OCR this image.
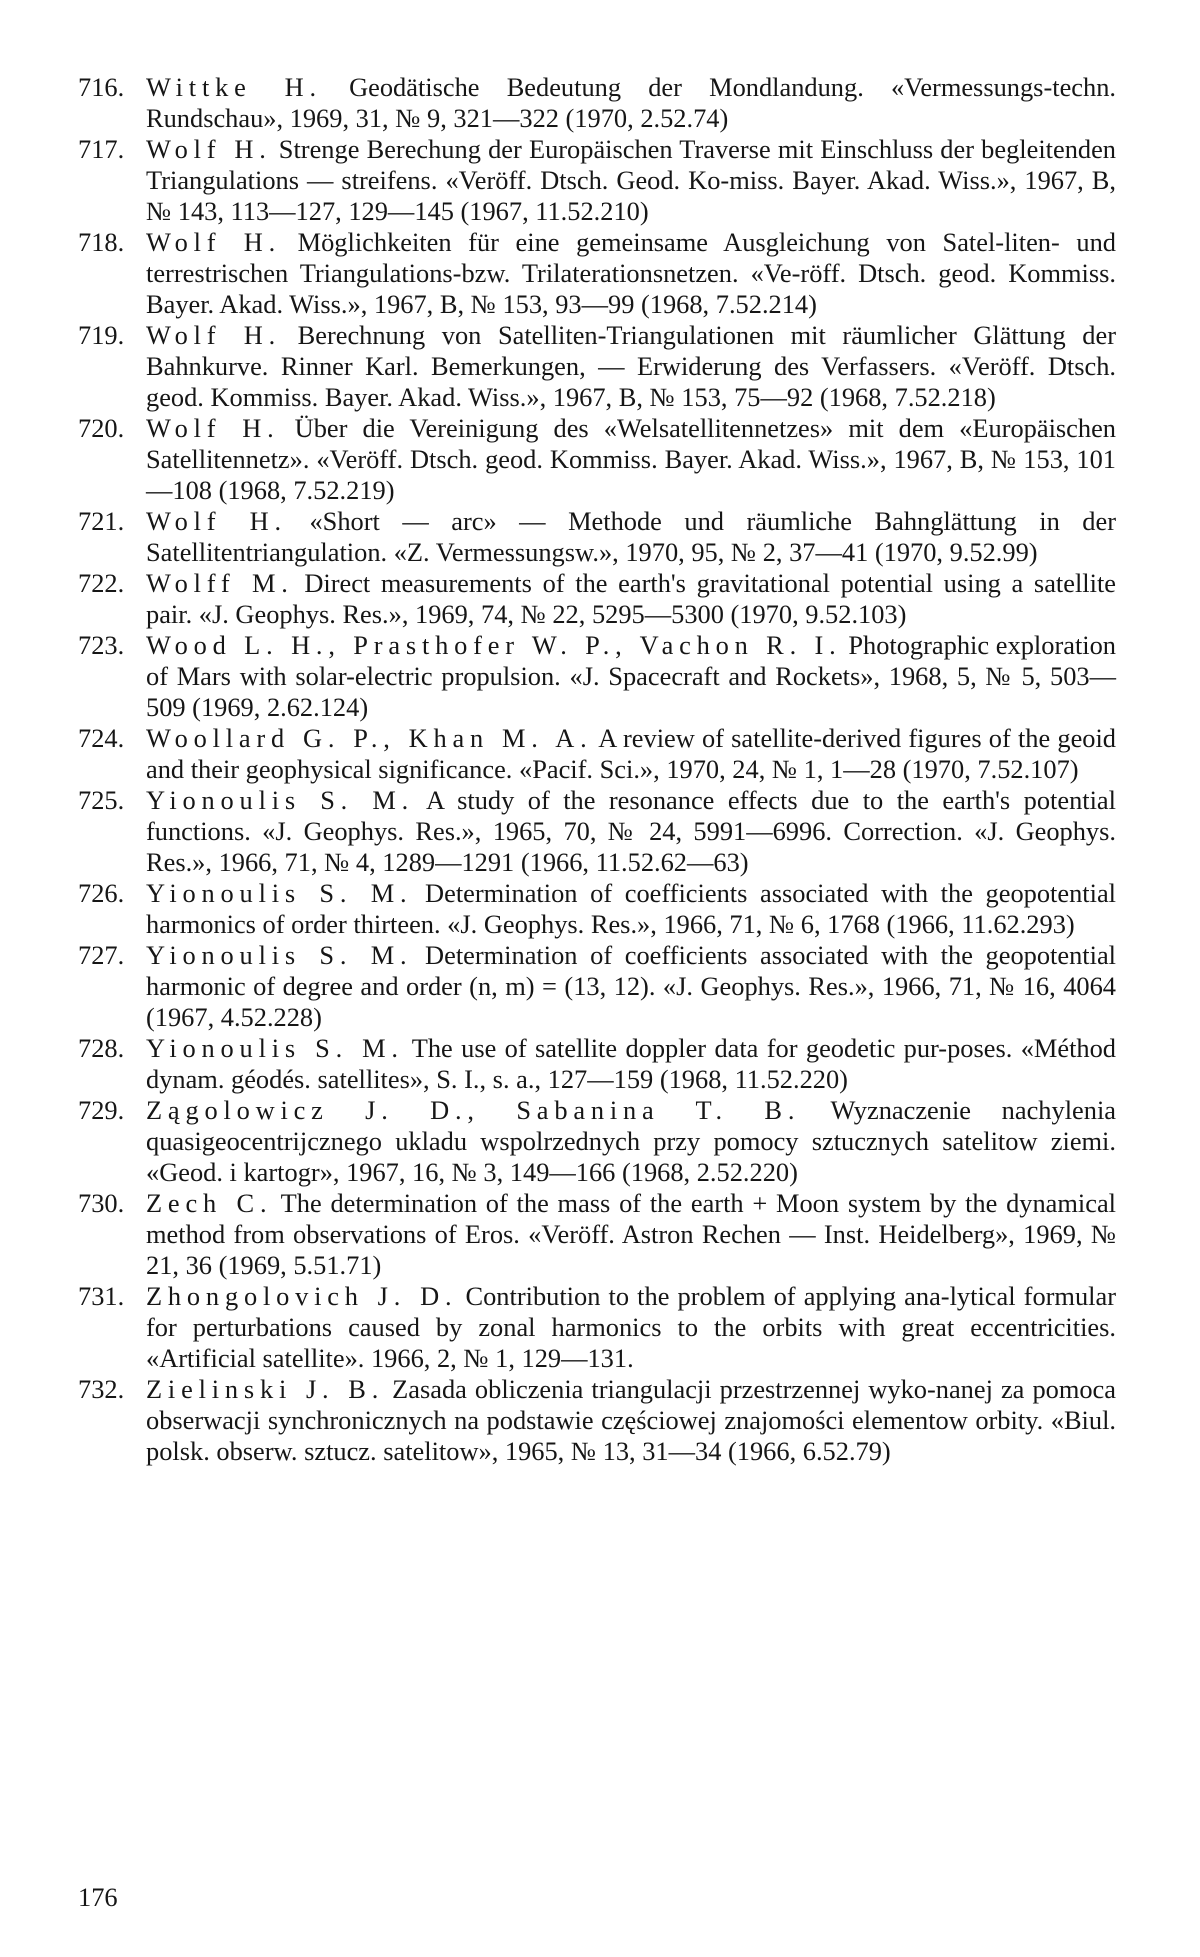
716. Wittke H. Geodätische Bedeutung der Mondlandung. «Vermessungs-techn. Rundschau», 1969, 31, № 9, 321—322 (1970, 2.52.74)

717. Wolf H. Strenge Berechung der Europäischen Traverse mit Einschluss der begleitenden Triangulations — streifens. «Veröff. Dtsch. Geod. Ko-miss. Bayer. Akad. Wiss.», 1967, B, № 143, 113—127, 129—145 (1967, 11.52.210)

718. Wolf H. Möglichkeiten für eine gemeinsame Ausgleichung von Satel-liten- und terrestrischen Triangulations-bzw. Trilaterationsnetzen. «Ve-röff. Dtsch. geod. Kommiss. Bayer. Akad. Wiss.», 1967, B, № 153, 93—99 (1968, 7.52.214)

719. Wolf H. Berechnung von Satelliten-Triangulationen mit räumlicher Glättung der Bahnkurve. Rinner Karl. Bemerkungen, — Erwiderung des Verfassers. «Veröff. Dtsch. geod. Kommiss. Bayer. Akad. Wiss.», 1967, B, № 153, 75—92 (1968, 7.52.218)

720. Wolf H. Über die Vereinigung des «Welsatellitennetzes» mit dem «Europäischen Satellitennetz». «Veröff. Dtsch. geod. Kommiss. Bayer. Akad. Wiss.», 1967, B, № 153, 101—108 (1968, 7.52.219)

721. Wolf H. «Short — arc» — Methode und räumliche Bahnglättung in der Satellitentriangulation. «Z. Vermessungsw.», 1970, 95, № 2, 37—41 (1970, 9.52.99)

722. Wolff M. Direct measurements of the earth's gravitational potential using a satellite pair. «J. Geophys. Res.», 1969, 74, № 22, 5295—5300 (1970, 9.52.103)

723. Wood L. H., Prasthofer W. P., Vachon R. I. Photographic exploration of Mars with solar-electric propulsion. «J. Spacecraft and Rockets», 1968, 5, № 5, 503—509 (1969, 2.62.124)

724. Woollard G. P., Khan M. A. A review of satellite-derived figures of the geoid and their geophysical significance. «Pacif. Sci.», 1970, 24, № 1, 1—28 (1970, 7.52.107)

725. Yionoulis S. M. A study of the resonance effects due to the earth's potential functions. «J. Geophys. Res.», 1965, 70, № 24, 5991—6996. Correction. «J. Geophys. Res.», 1966, 71, № 4, 1289—1291 (1966, 11.52.62—63)

726. Yionoulis S. M. Determination of coefficients associated with the geopotential harmonics of order thirteen. «J. Geophys. Res.», 1966, 71, № 6, 1768 (1966, 11.62.293)

727. Yionoulis S. M. Determination of coefficients associated with the geopotential harmonic of degree and order (n, m) = (13, 12). «J. Geophys. Res.», 1966, 71, № 16, 4064 (1967, 4.52.228)

728. Yionoulis S. M. The use of satellite doppler data for geodetic pur-poses. «Méthod dynam. géodés. satellites», S. I., s. a., 127—159 (1968, 11.52.220)

729. Zągolowicz J. D., Sabanina T. B. Wyznaczenie nachylenia quasigeocentrijcznego ukladu wspolrzednych przy pomocy sztucznych satelitow ziemi. «Geod. i kartogr», 1967, 16, № 3, 149—166 (1968, 2.52.220)

730. Zech C. The determination of the mass of the earth + Moon system by the dynamical method from observations of Eros. «Veröff. Astron Rechen — Inst. Heidelberg», 1969, № 21, 36 (1969, 5.51.71)

731. Zhongolovich J. D. Contribution to the problem of applying ana-lytical formular for perturbations caused by zonal harmonics to the orbits with great eccentricities. «Artificial satellite». 1966, 2, № 1, 129—131.

732. Zielinski J. B. Zasada obliczenia triangulacji przestrzennej wyko-nanej za pomoca obserwacji synchronicznych na podstawie częściowej znajomości elementow orbity. «Biul. polsk. obserw. sztucz. satelitow», 1965, № 13, 31—34 (1966, 6.52.79)

176
